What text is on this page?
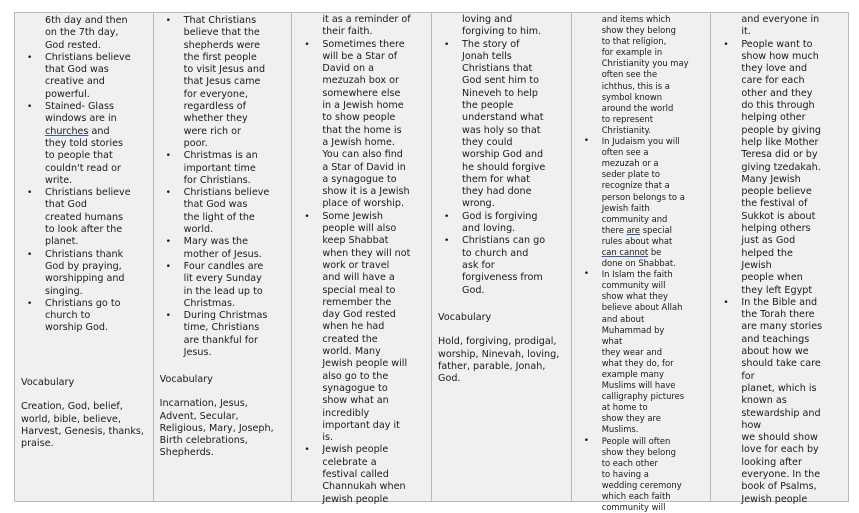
6th day and then
on the 7th day,
God rested.
• Christians believe
that God was
creative and
powerful.
• Stained- Glass
windows are in
churches and
they told stories
to people that
couldn't read or
write.
• Christians believe
that God
created humans
to look after the
planet.
• Christians thank
God by praying,
worshipping and
singing.
• Christians go to
church to
worship God.
Vocabulary
Creation, God, belief,
world, bible, believe,
Harvest, Genesis, thanks,
praise.
• That Christians
believe that the
shepherds were
the first people
to visit Jesus and
that Jesus came
for everyone,
regardless of
whether they
were rich or
poor.
• Christmas is an
important time
for Christians.
• Christians believe
that God was
the light of the
world.
• Mary was the
mother of Jesus.
• Four candles are
lit every Sunday
in the lead up to
Christmas.
• During Christmas
time, Christians
are thankful for
Jesus.
Vocabulary
Incarnation, Jesus,
Advent, Secular,
Religious, Mary, Joseph,
Birth celebrations,
Shepherds.
it as a reminder of
their faith.
• Sometimes there
will be a Star of
David on a
mezuzah box or
somewhere else
in a Jewish home
to show people
that the home is
a Jewish home.
You can also find
a Star of David in
a synagogue to
show it is a Jewish
place of worship.
• Some Jewish
people will also
keep Shabbat
when they will not
work or travel
and will have a
special meal to
remember the
day God rested
when he had
created the
world. Many
Jewish people will
also go to the
synagogue to
show what an
incredibly
important day it
is.
• Jewish people
celebrate a
festival called
Channukah when
Jewish people
loving and
forgiving to him.
• The story of
Jonah tells
Christians that
God sent him to
Nineveh to help
the people
understand what
was holy so that
they could
worship God and
he should forgive
them for what
they had done
wrong.
• God is forgiving
and loving.
• Christians can go
to church and
ask for
forgiveness from
God.
Vocabulary
Hold, forgiving, prodigal,
worship, Ninevah, loving,
father, parable, Jonah,
God.
and items which
show they belong
to that religion,
for example in
Christianity you may
often see the
ichthus, this is a
symbol known
around the world
to represent
Christianity.
• In Judaism you will
often see a
mezuzah or a
seder plate to
recognize that a
person belongs to a
Jewish faith
community and
there are special
rules about what
can cannot be
done on Shabbat.
• In Islam the faith
community will
show what they
believe about Allah
and about
Muhammad by
what
they wear and
what they do, for
example many
Muslims will have
calligraphy pictures
at home to
show they are
Muslims.
• People will often
show they belong
to each other
to having a
wedding ceremony
which each faith
community will
and everyone in
it.
• People want to
show how much
they love and
care for each
other and they
do this through
helping other
people by giving
help like Mother
Teresa did or by
giving tzedakah.
Many Jewish
people believe
the festival of
Sukkot is about
helping others
just as God
helped the
Jewish
people when
they left Egypt
• In the Bible and
the Torah there
are many stories
and teachings
about how we
should take care
for
planet, which is
known as
stewardship and
how
we should show
love for each by
looking after
everyone. In the
book of Psalms,
Jewish people
